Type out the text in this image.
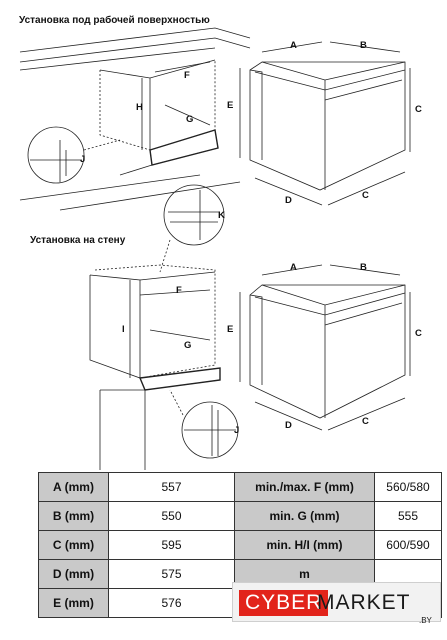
Установка под рабочей поверхностью
Установка на стену
A	B
C
E
D	C
F
G
H
J
K
F
G
I
J
A	B
C
E
D	C
A (mm)	557	min./max. F (mm)	560/580
B (mm)	550	min. G (mm)	555
C (mm)	595	min. H/I (mm)	600/590
D (mm)	575	m	
E (mm)	576			CYBER
MARKET
.BY
